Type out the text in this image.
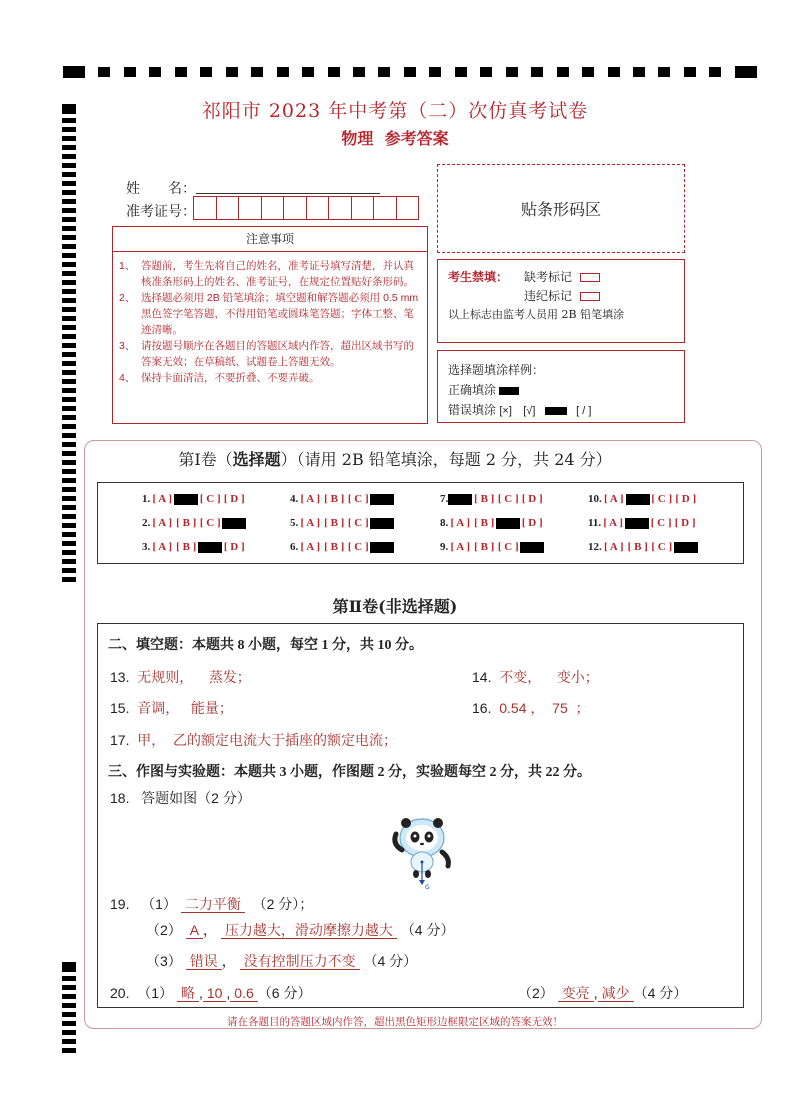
祁阳市 2023 年中考第（二）次仿真考试卷
物理 参考答案
姓　　名：
准考证号：	贴条形码区
注意事项
1、 答题前，考生先将自己的姓名，准考证号填写清楚，并认真核准条形码上的姓名、准考证号，在规定位置贴好条形码。
2、 选择题必须用 2B 铅笔填涂；填空题和解答题必须用 0.5 mm 黑色签字笔答题，不得用铅笔或圆珠笔答题；字体工整、笔迹清晰。
3、 请按题号顺序在各题目的答题区域内作答，超出区域书写的答案无效；在草稿纸、试题卷上答题无效。
4、 保持卡面清洁，不要折叠、不要弄破。
考生禁填： 缺考标记
违纪标记
以上标志由监考人员用 2B 铅笔填涂
选择题填涂样例：
正确填涂
错误填涂 [×] [√]	[ / ]
第Ⅰ卷（选择题）（请用 2B 铅笔填涂，每题 2 分，共 24 分）
1. [ A ] [ B ] [ C ] [ D ]
2. [ A ] [ B ] [ C ] [ D ]
3. [ A ] [ B ] [ C ] [ D ]
4. [ A ] [ B ] [ C ] [ D ]
5. [ A ] [ B ] [ C ] [ D ]
6. [ A ] [ B ] [ C ] [ D ]
7. [ A ] [ B ] [ C ] [ D ]
8. [ A ] [ B ] [ C ] [ D ]
9. [ A ] [ B ] [ C ] [ D ]
10. [ A ] [ B ] [ C ] [ D ]
11. [ A ] [ B ] [ C ] [ D ]
12. [ A ] [ B ] [ C ] [ D ]
第Ⅱ卷(非选择题)
二、填空题：本题共 8 小题，每空 1 分，共 10 分。
13. 无规则， 蒸发；	14. 不变， 变小；
15. 音调， 能量；	16. 0.54 ， 75 ；
17. 甲， 乙的额定电流大于插座的额定电流；
三、作图与实验题：本题共 3 小题，作图题 2 分，实验题每空 2 分，共 22 分。
18. 答题如图（2 分）
G
19. （1） 二力平衡 （2 分）；
（2） A ， 压力越大，滑动摩擦力越大 （4 分）
（3） 错误 ， 没有控制压力不变 （4 分）
20. （1） 略 , 10 , 0.6 （6 分）	（2） 变亮 , 减少 （4 分）
请在各题目的答题区域内作答，超出黑色矩形边框限定区域的答案无效！
